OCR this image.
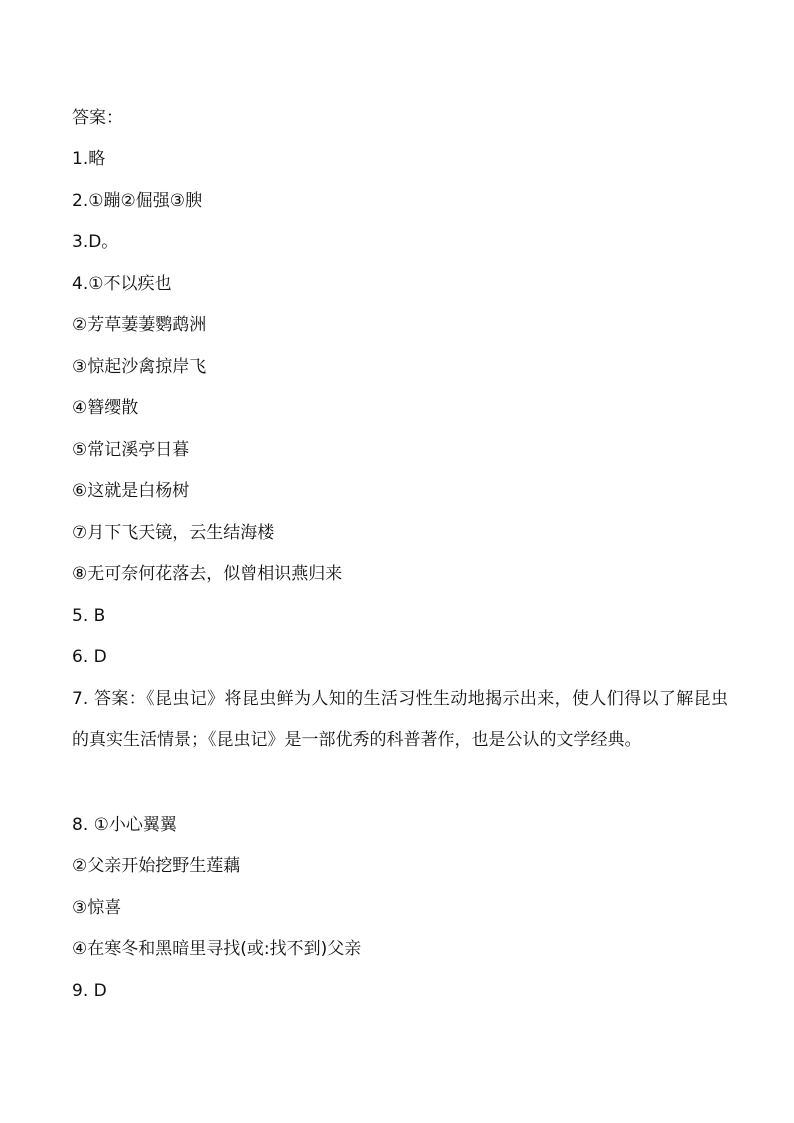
答案：
1.略
2.①蹦②倔强③腴
3.D。
4.①不以疾也
②芳草萋萋鹦鹉洲
③惊起沙禽掠岸飞
④簪缨散
⑤常记溪亭日暮
⑥这就是白杨树
⑦月下飞天镜，云生结海楼
⑧无可奈何花落去，似曾相识燕归来
5. B
6. D
7. 答案：《昆虫记》将昆虫鲜为人知的生活习性生动地揭示出来，使人们得以了解昆虫的真实生活情景；《昆虫记》是一部优秀的科普著作，也是公认的文学经典。
8. ①小心翼翼
②父亲开始挖野生莲藕
③惊喜
④在寒冬和黑暗里寻找(或:找不到)父亲
9. D
